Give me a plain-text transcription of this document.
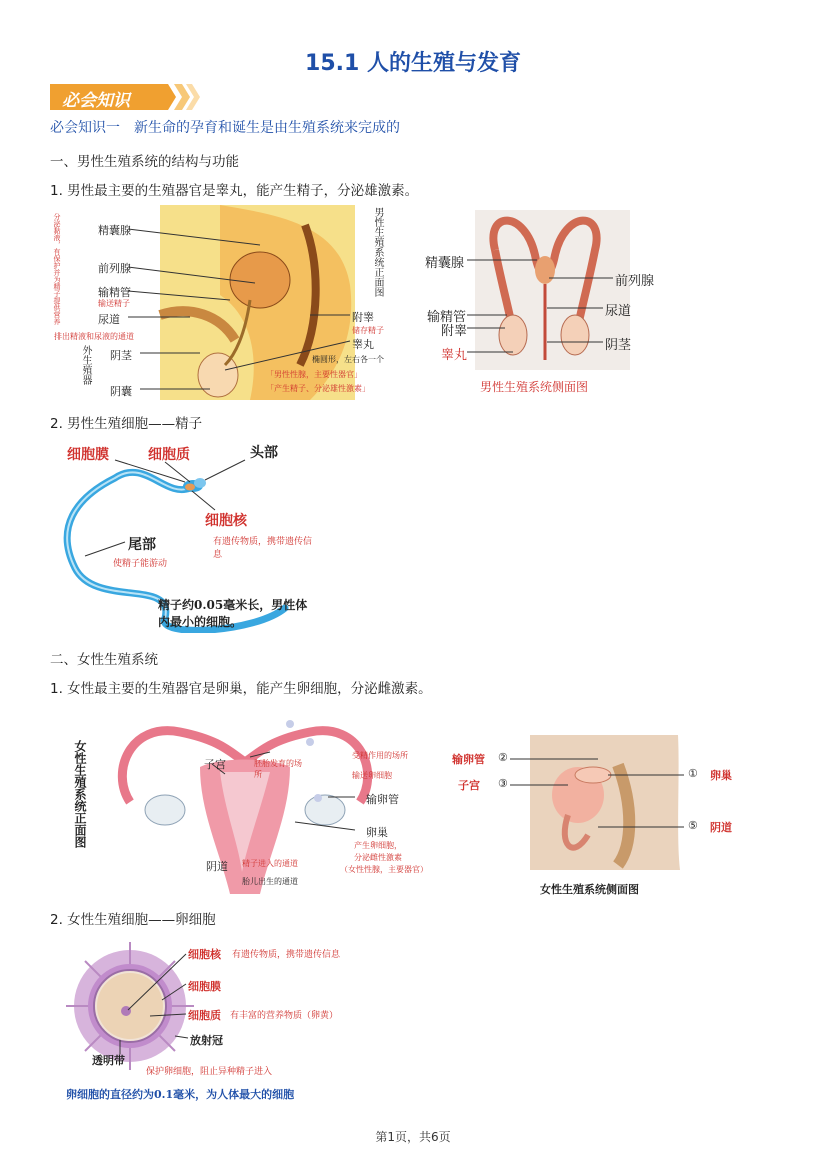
15.1 人的生殖与发育
必会知识
必会知识一 新生命的孕育和诞生是由生殖系统来完成的
一、男性生殖系统的结构与功能
1. 男性最主要的生殖器官是睾丸，能产生精子，分泌雄激素。
分泌黏液，有保护并为精子提供营养	精囊腺
前列腺
输精管
输送精子
尿道
排出精液和尿液的通道
外生殖器 阴茎
阴囊
附睾
储存精子
睾丸
椭圆形，左右各一个
「男性性腺，主要性器官」
「产生精子、分泌雄性激素」
男性生殖系统正面图	精囊腺
输精管
附睾
睾丸
前列腺
尿道
阴茎
男性生殖系统侧面图
2. 男性生殖细胞——精子
细胞膜	细胞质	头部
细胞核
有遗传物质，携带遗传信息
尾部
使精子能游动
精子约0.05毫米长，男性体内最小的细胞。
二、女性生殖系统
1. 女性最主要的生殖器官是卵巢，能产生卵细胞，分泌雌激素。
女性生殖系统正面图	子宫	胚胎发育的场所
受精作用的场所
输送卵细胞
输卵管
卵巢
产生卵细胞，
分泌雌性激素
（女性性腺，主要器官）
阴道 精子进入的通道
胎儿出生的通道
输卵管 ②
子宫 ③
① 卵巢
⑤ 阴道
女性生殖系统侧面图
2. 女性生殖细胞——卵细胞
细胞核 有遗传物质，携带遗传信息
细胞膜
细胞质 有丰富的营养物质（卵黄）
放射冠
透明带
保护卵细胞，阻止异种精子进入
卵细胞的直径约为0.1毫米，为人体最大的细胞
第1页，共6页
